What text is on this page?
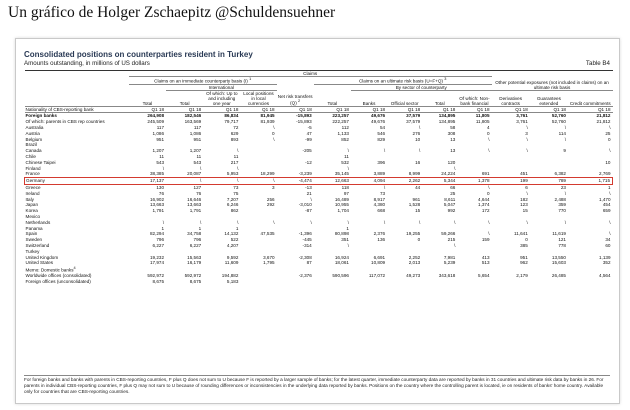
Un gráfico de Holger Zschaepitz @Schuldensuehner
Consolidated positions on counterparties resident in Turkey
Amounts outstanding, in millions of US dollars	Table B4
	Claims										Other potential exposures (not included in claims) on an ultimate risk basis		
	Claims on an immediate counterparty basis (I) $^1$				Net risk transfers (Q) $^2$	Claims on an ultimate risk basis (U=F+Q) $^3$
	Total	International				Total	By sector of counterparty						
		Total	Of which: Up to and including one year	Local positions in local currencies			Banks	Official sector	Total	Of which: Non-bank financial	Derivatives contracts	Guarantees extended	Credit commitments
Nationality of CBS-reporting bank	Q1 18	Q1 18	Q1 18	Q1 18	Q1 18	Q1 18	Q1 18	Q1 18	Q1 18	Q1 18	Q1 18	Q1 18	Q1 18
Foreign banks	264,908	182,546	86,834	81,945	-15,893	223,257	49,676	37,579	134,895	11,805	3,761	52,760	21,812
Of which: parents in CBS rep countries	245,509	163,569	79,717	81,939	-15,893	222,257	49,676	37,579	134,895	11,805	3,761	52,760	21,812
Australia	117	117	72	\	-5	112	54	\	58	4	\	\	\
Austria	1,086	1,086	629	0	47	1,133	546	276	308	0	3	114	25
Belgium	951	951	893	\	-99	852	829	10	13	\	\	\	0
Brazil													
Canada	1,207	1,207	\		-205	\	\	\	13	\	\	9	\
Chile	11	11	11			11							
Chinese Taipei	543	543	217		-12	532	396	16	120				10
Finland	\	\	\			\			\				
France	38,385	20,087	5,953	18,299	-3,239	35,145	3,889	8,999	24,224	691	451	6,382	2,769
Germany	17,137	\	\	\	-4,474	12,663	4,094	2,262	5,344	1,378	199	789	1,715
Greece	130	127	73	3	-13	118	\	44	66	\	6	23	1
Ireland	76	76	75		21	97	73		25	0	\	\	\
Italy	16,902	16,646	7,207	256	\	16,489	8,917	961	8,611	4,644	182	2,488	1,470
Japan	13,663	13,663	6,246	292	-3,010	10,955	4,380	1,528	5,047	1,374	123	359	454
Korea	1,791	1,791	862		-87	1,704	668	15	992	172	15	770	659
Mexico													
Netherlands	\	\	\	\	\	\	\	\	\	\	\	\	\
Panama	1	1	1			1							
Spain	82,294	34,758	14,132	47,535	-1,396	80,898	2,376	19,255	59,266	\	11,641	11,619	\
Sweden	796	796	522		-445	351	136	0	215	159	0	121	34
Switzerland	6,227	6,227	4,207		-314	\			\		385	778	60
Turkey													
United Kingdom	19,232	15,563	9,592	3,670	-2,308	16,924	6,691	2,252	7,981	413	951	13,550	1,139
United States	17,974	16,179	11,609	1,795	87	18,061	10,809	2,013	5,239	513	962	15,603	352
Memo: Domestic banks$^4$													
Worldwide offices (consolidated)	592,972	592,972	194,882		-2,376	590,596	117,072	49,273	343,618	5,654	2,179	26,485	4,564
Foreign offices (unconsolidated)	8,675	8,675	5,183										
For foreign banks and banks with parents in CBS-reporting countries, F plus Q does not sum to U because F is reported by a larger sample of banks; for the latest quarter, immediate counterparty data are reported by banks in 31 countries and ultimate risk data by banks in 26. For parents in individual CBS-reporting countries, F plus Q may not sum to U because of rounding differences or inconsistencies in the underlying data reported by banks. Positions on the country where the controlling parent is located, ie on residents of banks' home country. Available only for countries that are CBS-reporting countries.
